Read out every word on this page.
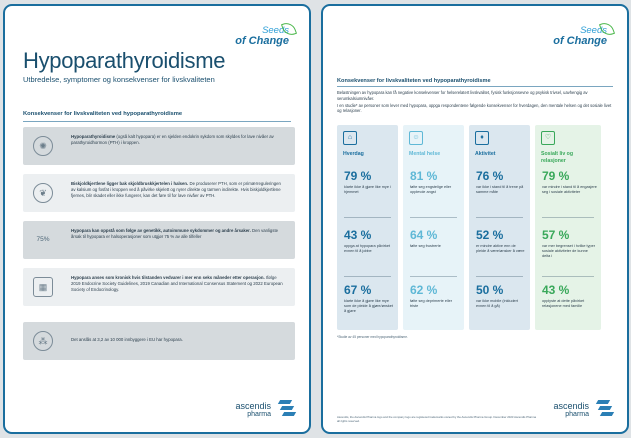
Seeds
of Change
Hypoparathyroidisme
Utbredelse, symptomer og konsekvenser for livskvaliteten
Konsekvenser for livskvaliteten ved hypoparathyroidisme
✺
Hypoparathyroidisme (også kalt hypopara) er en sjelden endokrin sykdom som skyldes for lave nivåer av parathyroidhormon (PTH) i kroppen.
❦
Biskjoldkjertlene ligger bak skjoldbruskkjertelen i halsen. De produserer PTH, som er primærreguleringen av kalsium og fosfat i kroppen ved å påvirke skjelett og nyrer direkte og tarmen indirekte. Hvis biskjoldkjertlene fjernes, blir skadet eller ikke fungerer, kan det føre til for lave nivåer av PTH.
75%
Hypopara kan oppstå som følge av genetikk, autoimmune sykdommer og andre årsaker. Den vanligste årsak til hypopara er halsoperasjoner som utgjør 75 % av alle tilfeller
▦
Hypopara anses som kronisk hvis tilstanden vedvarer i mer enn seks måneder etter operasjon. Ifølge 2019 Endocrine Society Guidelines, 2019 Canadian and International Consensus Statement og 2022 European Society of Endocrinology.
⁂	Det anslås at 3,2 av 10 000 innbyggere i EU har hypopara.
ascendis
pharma
Seeds
of Change
Konsekvenser for livskvaliteten ved hypoparathyroidisme

Belastningen av hypopara kan få negative konsekvenser for helserelatert livskvalitet, fysisk funksjonsevne og psykisk trivsel, uavhengig av serumkalsiumnivåer.

I en studie* av personer som lever med hypopara, oppga respondentene følgende konsekvenser for hverdagen, den mentale helsen og det sosiale livet og relasjoner.

⌂
Hverdag
79 %
klarte ikke å gjøre like mye i hjemmet
43 %
oppga at hypopara påvirket evnen til å jobbe
67 %
klarte ikke å gjøre like mye som de pleide å gjøre/ønsket å gjøre
☺
Mental helse
81 %
følte seg engstelige eller opplevde angst
64 %
følte seg frustrerte
62 %
følte seg deprimerte eller triste
♦
Aktivitet
76 %
var ikke i stand til å trene på samme måte
52 %
er mindre aktive enn de pleide å være/ønsker å være
50 %
var ikke mobile (inkludert evnen til å gå)
♡
Sosialt liv og relasjoner
79 %
var mindre i stand til å engasjere seg i sosiale aktiviteter
57 %
var mer begrenset i hvilke typer sosiale aktiviteter de kunne delta i
43 %
opplyste at dette påvirket relasjonene med familie
*Studie av 45 personer med hypoparathyroidisme.
Ascendis, the Ascendis Pharma logo and the company logo are registered trademarks owned by the Ascendis Pharma Group. December 2023 Ascendis Pharma all rights reserved.
ascendis
pharma
